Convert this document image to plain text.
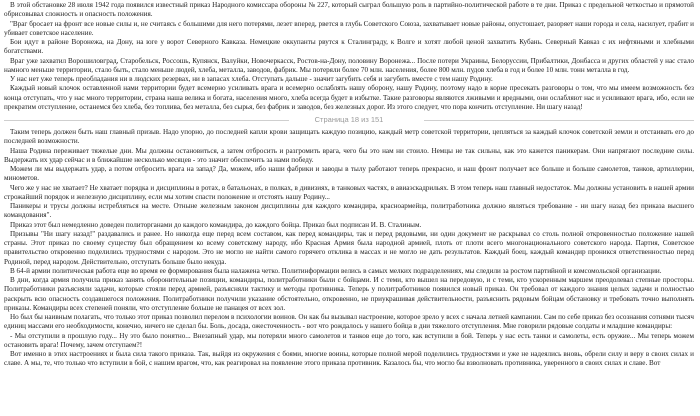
В этой обстановке 28 июля 1942 года появился известный приказ Народного комиссара обороны № 227, который сыграл большую роль в партийно-политической работе в те дни. Приказ с предельной четкостью и прямотой обрисовывал сложность и опасность положения.

"Враг бросает на фронт все новые силы и, не считаясь с большими для него потерями, лезет вперед, рвется в глубь Советского Союза, захватывает новые районы, опустошает, разоряет наши города и села, насилует, грабит и убивает советское население.

Бои идут в районе Воронежа, на Дону, на юге у ворот Северного Кавказа. Немецкие оккупанты рвутся к Сталинграду, к Волге и хотят любой ценой захватить Кубань. Северный Кавказ с их нефтяными и хлебными богатствами.

Враг уже захватил Ворошиловград, Старобельск, Россошь, Купянск, Валуйки, Новочеркасск, Ростов-на-Дону, половину Воронежа... После потери Украины, Белоруссии, Прибалтики, Донбасса и других областей у нас стало намного меньше территории, стало быть, стало меньше людей, хлеба, металла, заводов, фабрик. Мы потеряли более 70 млн. населения, более 800 млн. пудов хлеба в год и более 10 млн. тонн металла в год.

У нас нет уже теперь преобладания ни в людских резервах, ни в запасах хлеба. Отступать дальше - значит загубить себя и загубить вместе с тем нашу Родину.

Каждый новый клочок оставленной нами территории будет всемерно усиливать врага и всемерно ослаблять нашу оборону, нашу Родину, поэтому надо в корне пресекать разговоры о том, что мы имеем возможность без конца отступать, что у нас много территории, страна наша велика и богата, населения много, хлеба всегда будет в избытке. Такие разговоры являются лживыми и вредными, они ослабляют нас и усиливают врага, ибо, если не прекратим отступление, останемся без хлеба, без топлива, без металла, без сырья, без фабрик и заводов, без железных дорог. Из этого следует, что пора кончить отступление. Ни шагу назад!

Страница 18 из 151

Таким теперь должен быть наш главный призыв. Надо упорно, до последней капли крови защищать каждую позицию, каждый метр советской территории, цепляться за каждый клочок советской земли и отстаивать его до последней возможности.

Наша Родина переживает тяжелые дни. Мы должны остановиться, а затем отбросить и разгромить врага, чего бы это нам ни стоило. Немцы не так сильны, как это кажется паникерам. Они напрягают последние силы. Выдержать их удар сейчас и в ближайшие несколько месяцев - это значит обеспечить за нами победу.

Можем ли мы выдержать удар, а потом отбросить врага на запад? Да, можем, ибо наши фабрики и заводы в тылу работают теперь прекрасно, и наш фронт получает все больше и больше самолетов, танков, артиллерии, минометов.

Чего же у нас не хватает? Не хватает порядка и дисциплины в ротах, в батальонах, в полках, в дивизиях, в танковых частях, в авиаэскадрильях. В этом теперь наш главный недостаток. Мы должны установить в нашей армии строжайший порядок и железную дисциплину, если мы хотим спасти положение и отстоять нашу Родину...

Паникеры и трусы должны истребляться на месте. Отныне железным законом дисциплины для каждого командира, красноармейца, политработника должно являться требование - ни шагу назад без приказа высшего командования".

Приказ этот был немедленно доведен политорганами до каждого командира, до каждого бойца. Приказ был подписан И. В. Сталиным.

Призывы "Ни шагу назад!" раздавались и ранее. Но никогда еще перед всем составом, как перед командиры, так и перед рядовыми, ни один документ не раскрывал со столь полной откровенностью положение нашей страны. Этот приказ по своему существу был обращением ко всему советскому народу, ибо Красная Армия была народной армией, плоть от плоти всего многонационального советского народа. Партия, Советское правительство откровенно поделились трудностями с народом. Это не могло не найти самого горячего отклика в массах и не могло не дать результатов. Каждый боец, каждый командир проникся ответственностью перед Родиной, перед народом. Действительно, отступать больше было некуда.

В 64-й армии политическая работа еще во время ее формирования была налажена четко. Политинформации велись в самых мелких подразделениях, мы следили за ростом партийной и комсомольской организации.

В дни, когда армия получила приказ занять оборонительные позиции, командиры, политработники были с бойцами. И с теми, кто вышел на передовую, и с теми, кто ускоренным маршем преодолевал степные просторы. Политработники разъясняли задачи, которые стояли перед армией, разъясняли тактику и методы противника. Теперь у политработников появился новый приказ. Он требовал от каждого знания целых задачи и полностью раскрыть всю опасность создавшегося положения. Политработники получили указание обстоятельно, откровенно, не приукрашивая действительности, разъяснить рядовым бойцам обстановку и требовать точно выполнять приказы. Командиры всех степеней поняли, что отступление больше не панацея от всех зол.

Но был бы наивным полагать, что только этот приказ позволил перелом в психологии воинов. Он как бы вызывал настроение, которое зрело у всех с начала летней кампании. Сам по себе приказ без осознания сотнями тысяч единиц массами его необходимости, конечно, ничего не сделал бы. Боль, досада, ожесточенность - вот что рождалось у нашего бойца в дни тяжелого отступления. Мне говорили рядовые солдаты и младшие командиры:

- Мы отступили в прошлую году... Ну это было понятно... Внезапный удар, мы потеряли много самолетов и танков еще до того, как вступили в бой. Теперь у нас есть танки и самолеты, есть оружие... Мы теперь можем остановить врага! Почему, зачем отступаем?!

Вот именно в этих настроениях и была сила такого приказа. Так, выйдя из окружения с боями, многие воины, которые полной мерой поделились трудностями и уже не надеялись вновь, обрели силу и веру в своих силах и славе. А мы, те, что только что вступили в бой, с нашим врагом, что, как реагировал на появление этого приказа противник. Казалось бы, что могло бы взволновать противника, уверенного в своих силах и славе. Вот
